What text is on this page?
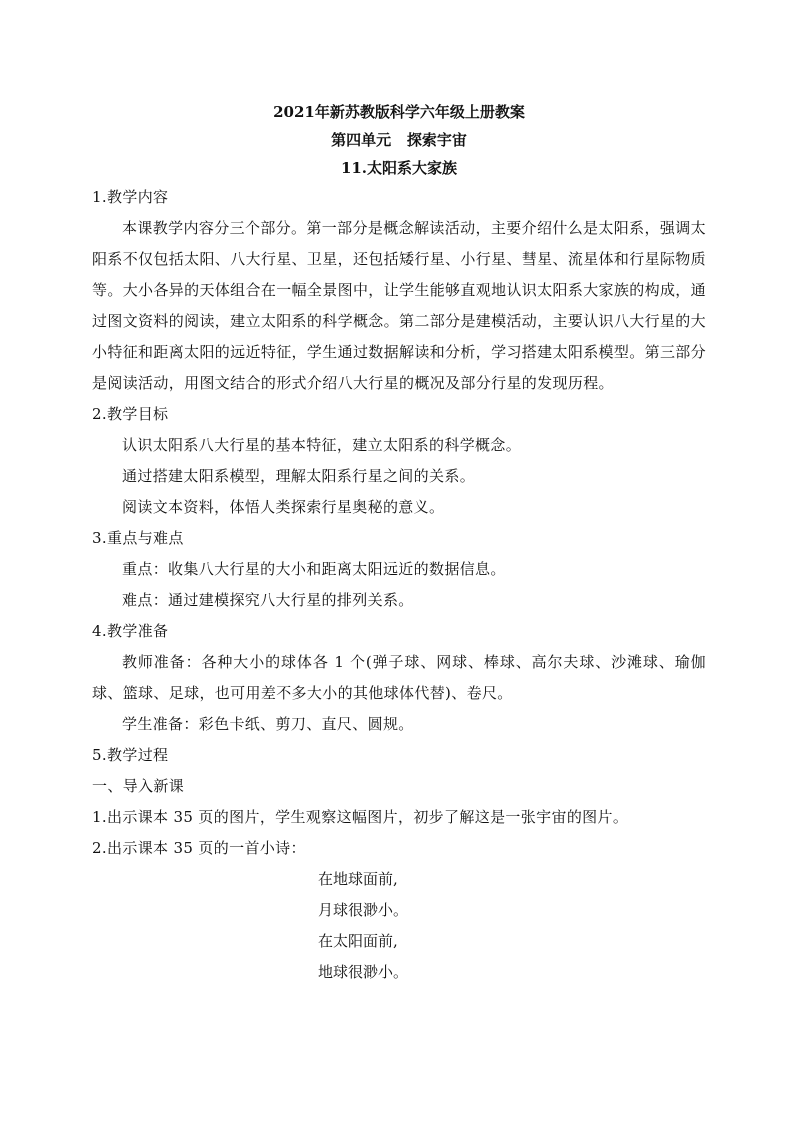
2021年新苏教版科学六年级上册教案
第四单元   探索宇宙
11.太阳系大家族
1.教学内容

本课教学内容分三个部分。第一部分是概念解读活动，主要介绍什么是太阳系，强调太阳系不仅包括太阳、八大行星、卫星，还包括矮行星、小行星、彗星、流星体和行星际物质等。大小各异的天体组合在一幅全景图中，让学生能够直观地认识太阳系大家族的构成，通过图文资料的阅读，建立太阳系的科学概念。第二部分是建模活动，主要认识八大行星的大小特征和距离太阳的远近特征，学生通过数据解读和分析，学习搭建太阳系模型。第三部分是阅读活动，用图文结合的形式介绍八大行星的概况及部分行星的发现历程。

2.教学目标
认识太阳系八大行星的基本特征，建立太阳系的科学概念。
通过搭建太阳系模型，理解太阳系行星之间的关系。
阅读文本资料，体悟人类探索行星奥秘的意义。
3.重点与难点
重点：收集八大行星的大小和距离太阳远近的数据信息。
难点：通过建模探究八大行星的排列关系。
4.教学准备

教师准备：各种大小的球体各 1 个(弹子球、网球、棒球、高尔夫球、沙滩球、瑜伽球、篮球、足球，也可用差不多大小的其他球体代替)、卷尺。

学生准备：彩色卡纸、剪刀、直尺、圆规。
5.教学过程
一、导入新课
1.出示课本 35 页的图片，学生观察这幅图片，初步了解这是一张宇宙的图片。
2.出示课本 35 页的一首小诗：
在地球面前,
月球很渺小。
在太阳面前,
地球很渺小。
